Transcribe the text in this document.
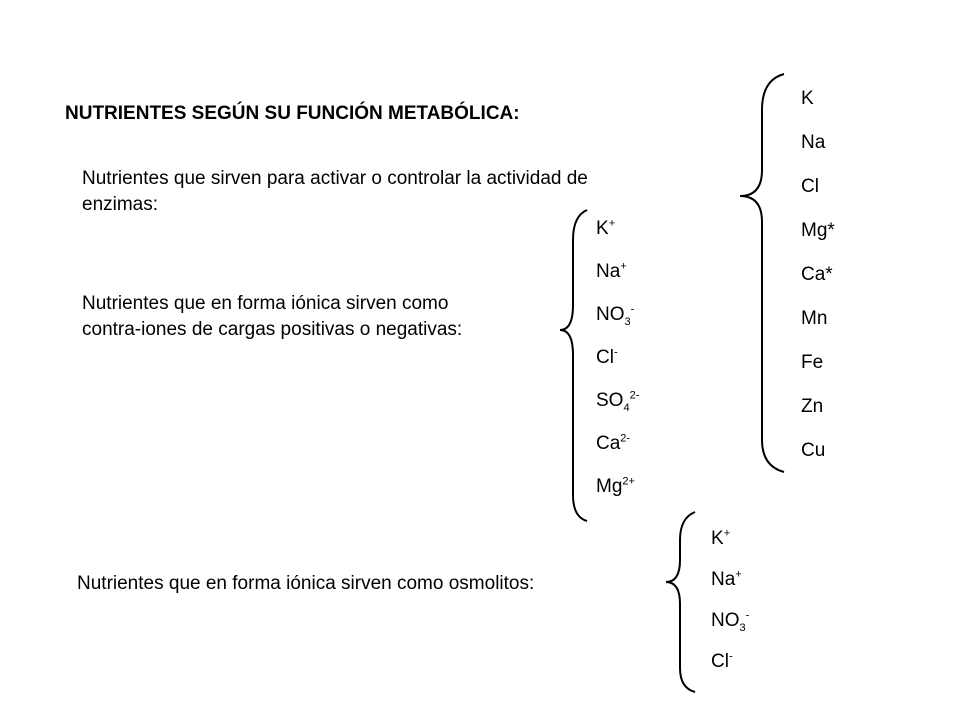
NUTRIENTES SEGÚN SU FUNCIÓN METABÓLICA:
Nutrientes que sirven para activar o controlar la actividad de
enzimas:
Nutrientes que en forma iónica sirven como
contra-iones de cargas positivas o negativas:
Nutrientes que en forma iónica sirven como osmolitos:
K
Na
Cl
Mg*
Ca*
Mn
Fe
Zn
Cu
K+
Na+
$NO_3^-$
Cl-
$SO_4^{2-}$
$Ca^{2-}$
$Mg^{2+}$
K+
Na+
$NO_3^-$
Cl-
